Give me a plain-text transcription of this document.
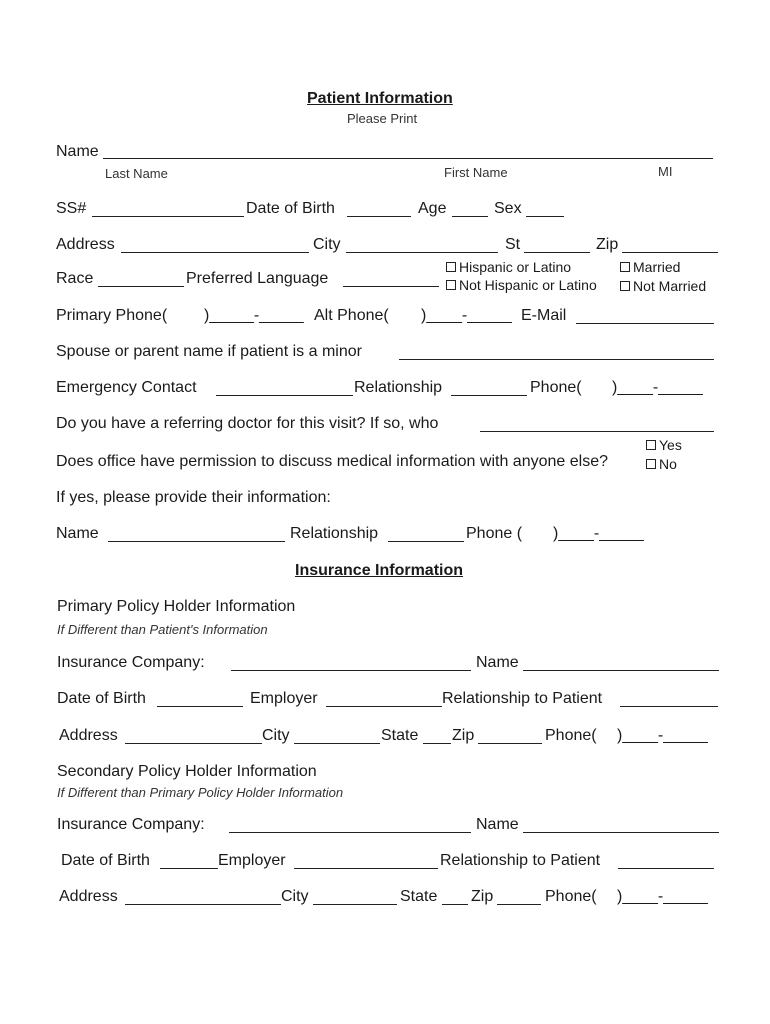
Patient Information
Please Print
Name
Last Name	First Name	MI
SS#	Date of Birth	Age	Sex
Address	City	St	Zip
Race	Preferred Language
Hispanic or Latino
Not Hispanic or Latino
Married
Not Married
Primary Phone( )_____-_____ Alt Phone( )____-_____ E-Mail
Spouse or parent name if patient is a minor
Emergency Contact	Relationship	Phone( )____-_____
Do you have a referring doctor for this visit? If so, who
Does office have permission to discuss medical information with anyone else?
Yes
No
If yes, please provide their information:
Name	Relationship	Phone ( )____-_____
Insurance Information
Primary Policy Holder Information
If Different than Patient's Information
Insurance Company:	Name
Date of Birth	Employer	Relationship to Patient
Address	City	State Zip	Phone( )____-_____
Secondary Policy Holder Information
If Different than Primary Policy Holder Information
Insurance Company:	Name
Date of Birth	Employer	Relationship to Patient
Address	City	State Zip	Phone( )____-_____
